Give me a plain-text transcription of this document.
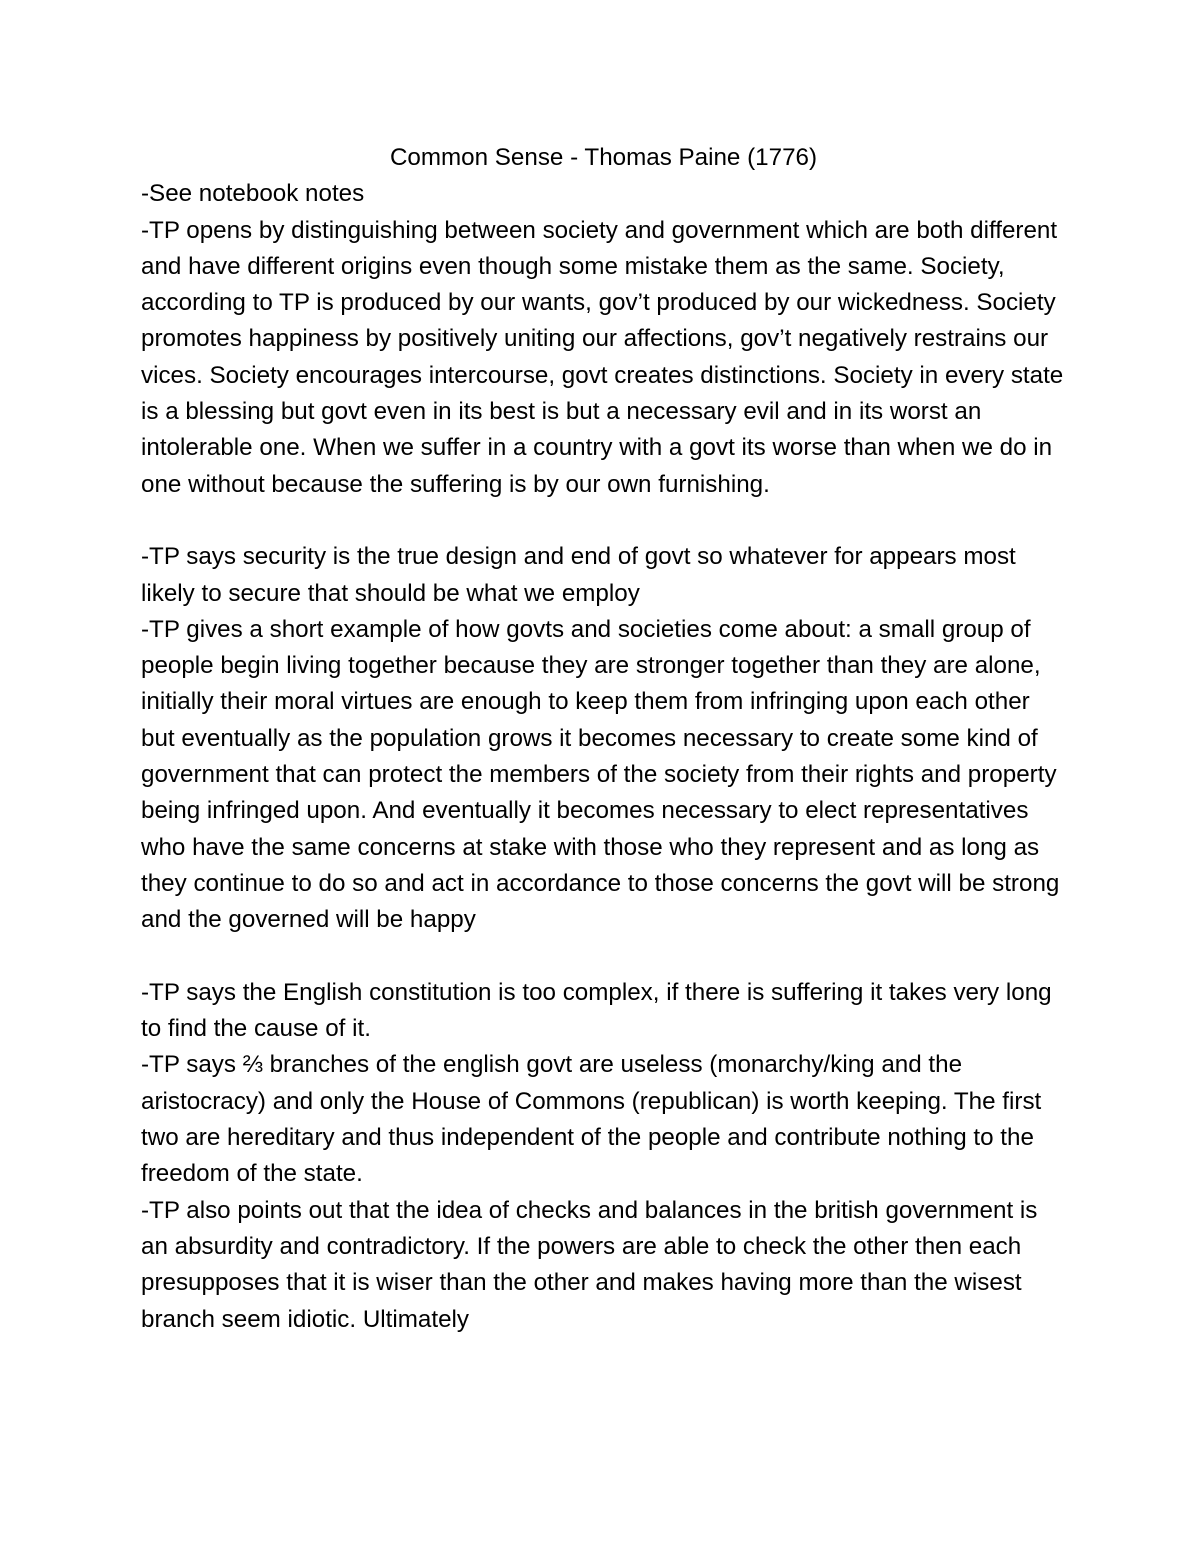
Common Sense - Thomas Paine (1776)

-See notebook notes

-TP opens by distinguishing between society and government which are both different and have different origins even though some mistake them as the same. Society, according to TP is produced by our wants, gov’t produced by our wickedness. Society promotes happiness by positively uniting our affections, gov’t negatively restrains our vices. Society encourages intercourse, govt creates distinctions. Society in every state is a blessing but govt even in its best is but a necessary evil and in its worst an intolerable one. When we suffer in a country with a govt its worse than when we do in one without because the suffering is by our own furnishing.

-TP says security is the true design and end of govt so whatever for appears most likely to secure that should be what we employ

-TP gives a short example of how govts and societies come about: a small group of people begin living together because they are stronger together than they are alone, initially their moral virtues are enough to keep them from infringing upon each other but eventually as the population grows it becomes necessary to create some kind of government that can protect the members of the society from their rights and property being infringed upon. And eventually it becomes necessary to elect representatives who have the same concerns at stake with those who they represent and as long as they continue to do so and act in accordance to those concerns the govt will be strong and the governed will be happy

-TP says the English constitution is too complex, if there is suffering it takes very long to find the cause of it.

-TP says ⅔ branches of the english govt are useless (monarchy/king and the aristocracy) and only the House of Commons (republican) is worth keeping. The first two are hereditary and thus independent of the people and contribute nothing to the freedom of the state.

-TP also points out that the idea of checks and balances in the british government is an absurdity and contradictory. If the powers are able to check the other then each presupposes that it is wiser than the other and makes having more than the wisest branch seem idiotic. Ultimately
